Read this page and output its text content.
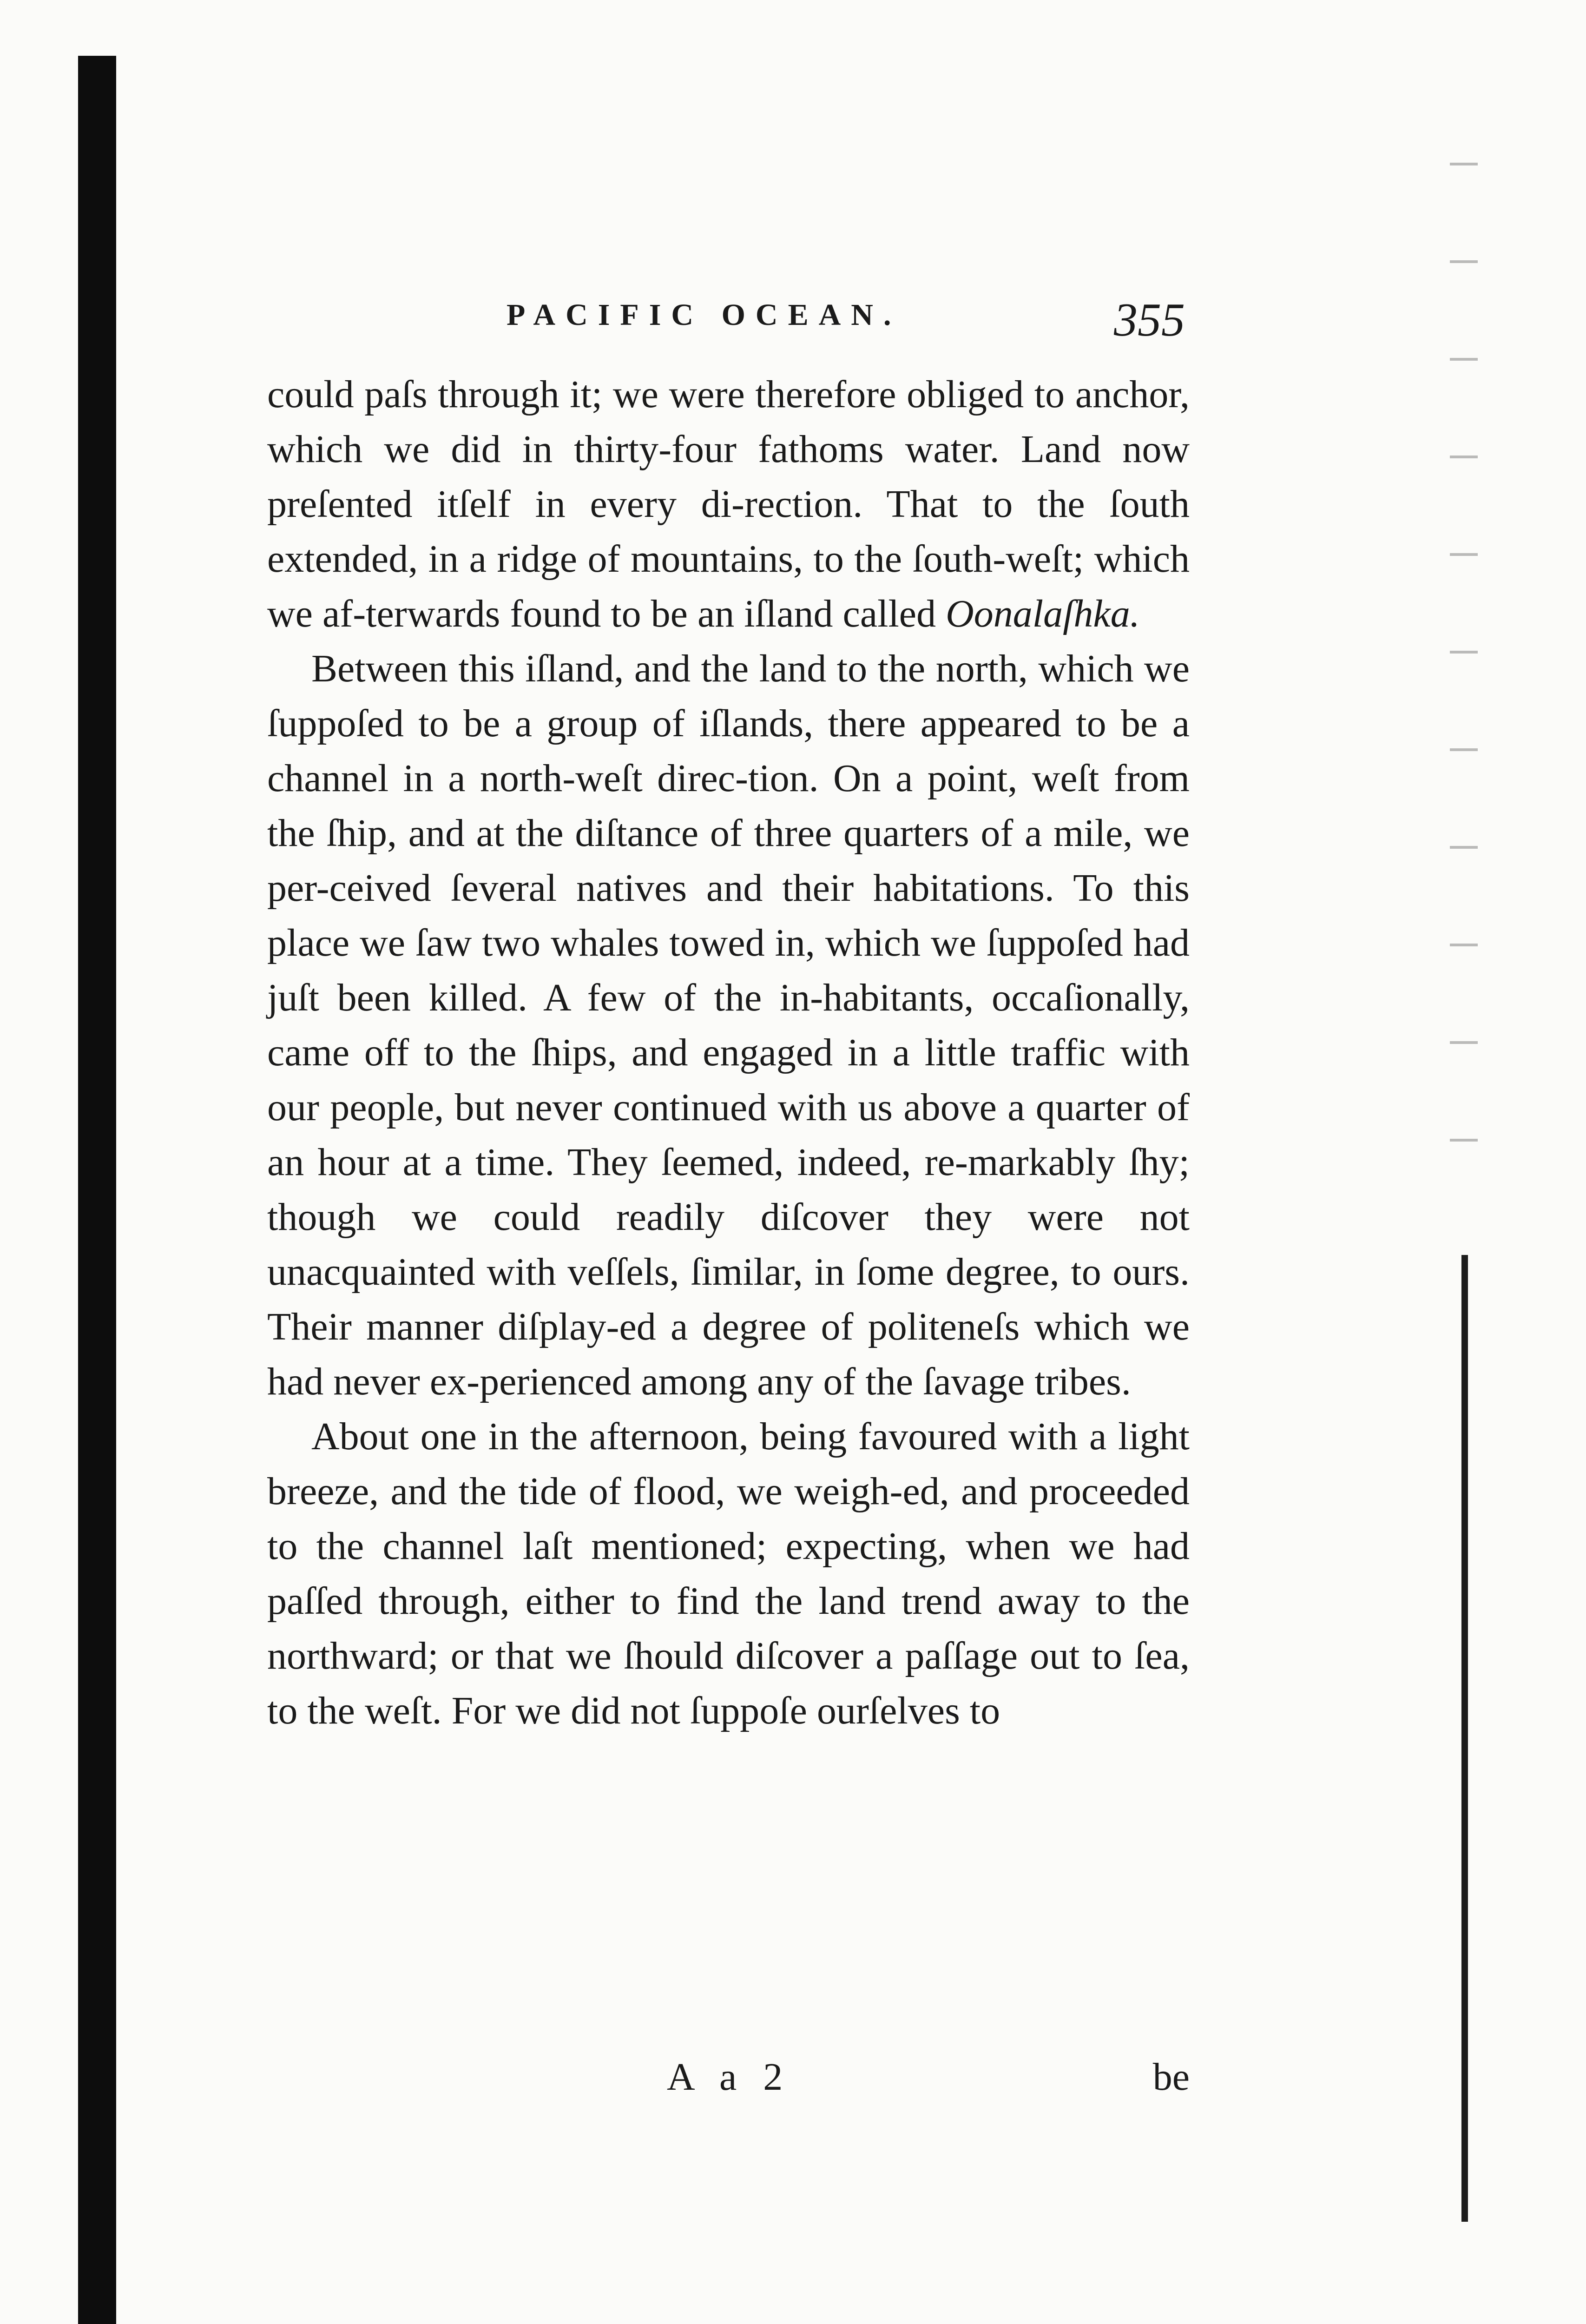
PACIFIC OCEAN.	355

could paſs through it; we were therefore obliged to anchor, which we did in thirty-four fathoms water. Land now preſented itſelf in every di-rection. That to the ſouth extended, in a ridge of mountains, to the ſouth-weſt; which we af-terwards found to be an iſland called Oonalaſhka.

Between this iſland, and the land to the north, which we ſuppoſed to be a group of iſlands, there appeared to be a channel in a north-weſt direc-tion. On a point, weſt from the ſhip, and at the diſtance of three quarters of a mile, we per-ceived ſeveral natives and their habitations. To this place we ſaw two whales towed in, which we ſuppoſed had juſt been killed. A few of the in-habitants, occaſionally, came off to the ſhips, and engaged in a little traffic with our people, but never continued with us above a quarter of an hour at a time. They ſeemed, indeed, re-markably ſhy; though we could readily diſcover they were not unacquainted with veſſels, ſimilar, in ſome degree, to ours. Their manner diſplay-ed a degree of politeneſs which we had never ex-perienced among any of the ſavage tribes.

About one in the afternoon, being favoured with a light breeze, and the tide of flood, we weigh-ed, and proceeded to the channel laſt mentioned; expecting, when we had paſſed through, either to find the land trend away to the northward; or that we ſhould diſcover a paſſage out to ſea, to the weſt. For we did not ſuppoſe ourſelves to

A a 2	be
